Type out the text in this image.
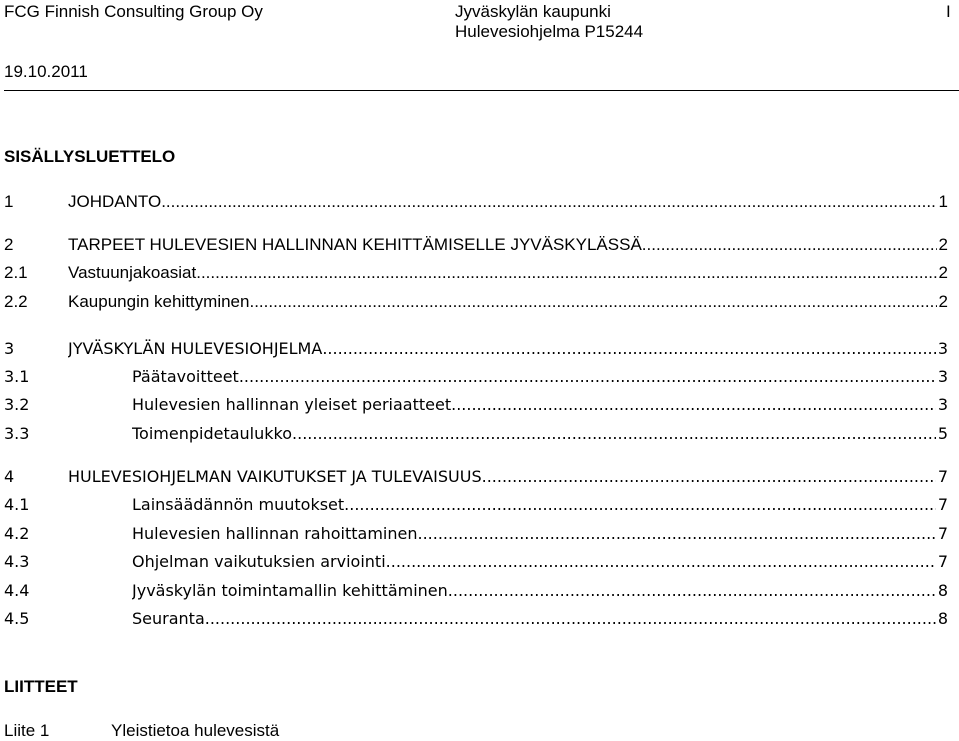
FCG Finnish Consulting Group Oy	Jyväskylän kaupunki
Hulevesiohjelma P15244
I
19.10.2011
SISÄLLYSLUETTELO
1	JOHDANTO .....	1
2	TARPEET HULEVESIEN HALLINNAN KEHITTÄMISELLE JYVÄSKYLÄSSÄ .....	2
2.1 Vastuunjakoasiat .....	2
2.2 Kaupungin kehittyminen .....	2
3	JYVÄSKYLÄN HULEVESIOHJELMA .....	3
3.1	Päätavoitteet .....	3
3.2	Hulevesien hallinnan yleiset periaatteet .....	3
3.3	Toimenpidetaulukko .....	5
4	HULEVESIOHJELMAN VAIKUTUKSET JA TULEVAISUUS .....	7
4.1	Lainsäädännön muutokset .....	7
4.2	Hulevesien hallinnan rahoittaminen .....	7
4.3	Ohjelman vaikutuksien arviointi .....	7
4.4	Jyväskylän toimintamallin kehittäminen .....	8
4.5	Seuranta .....	8
LIITTEET
Liite 1	Yleistietoa hulevesistä
